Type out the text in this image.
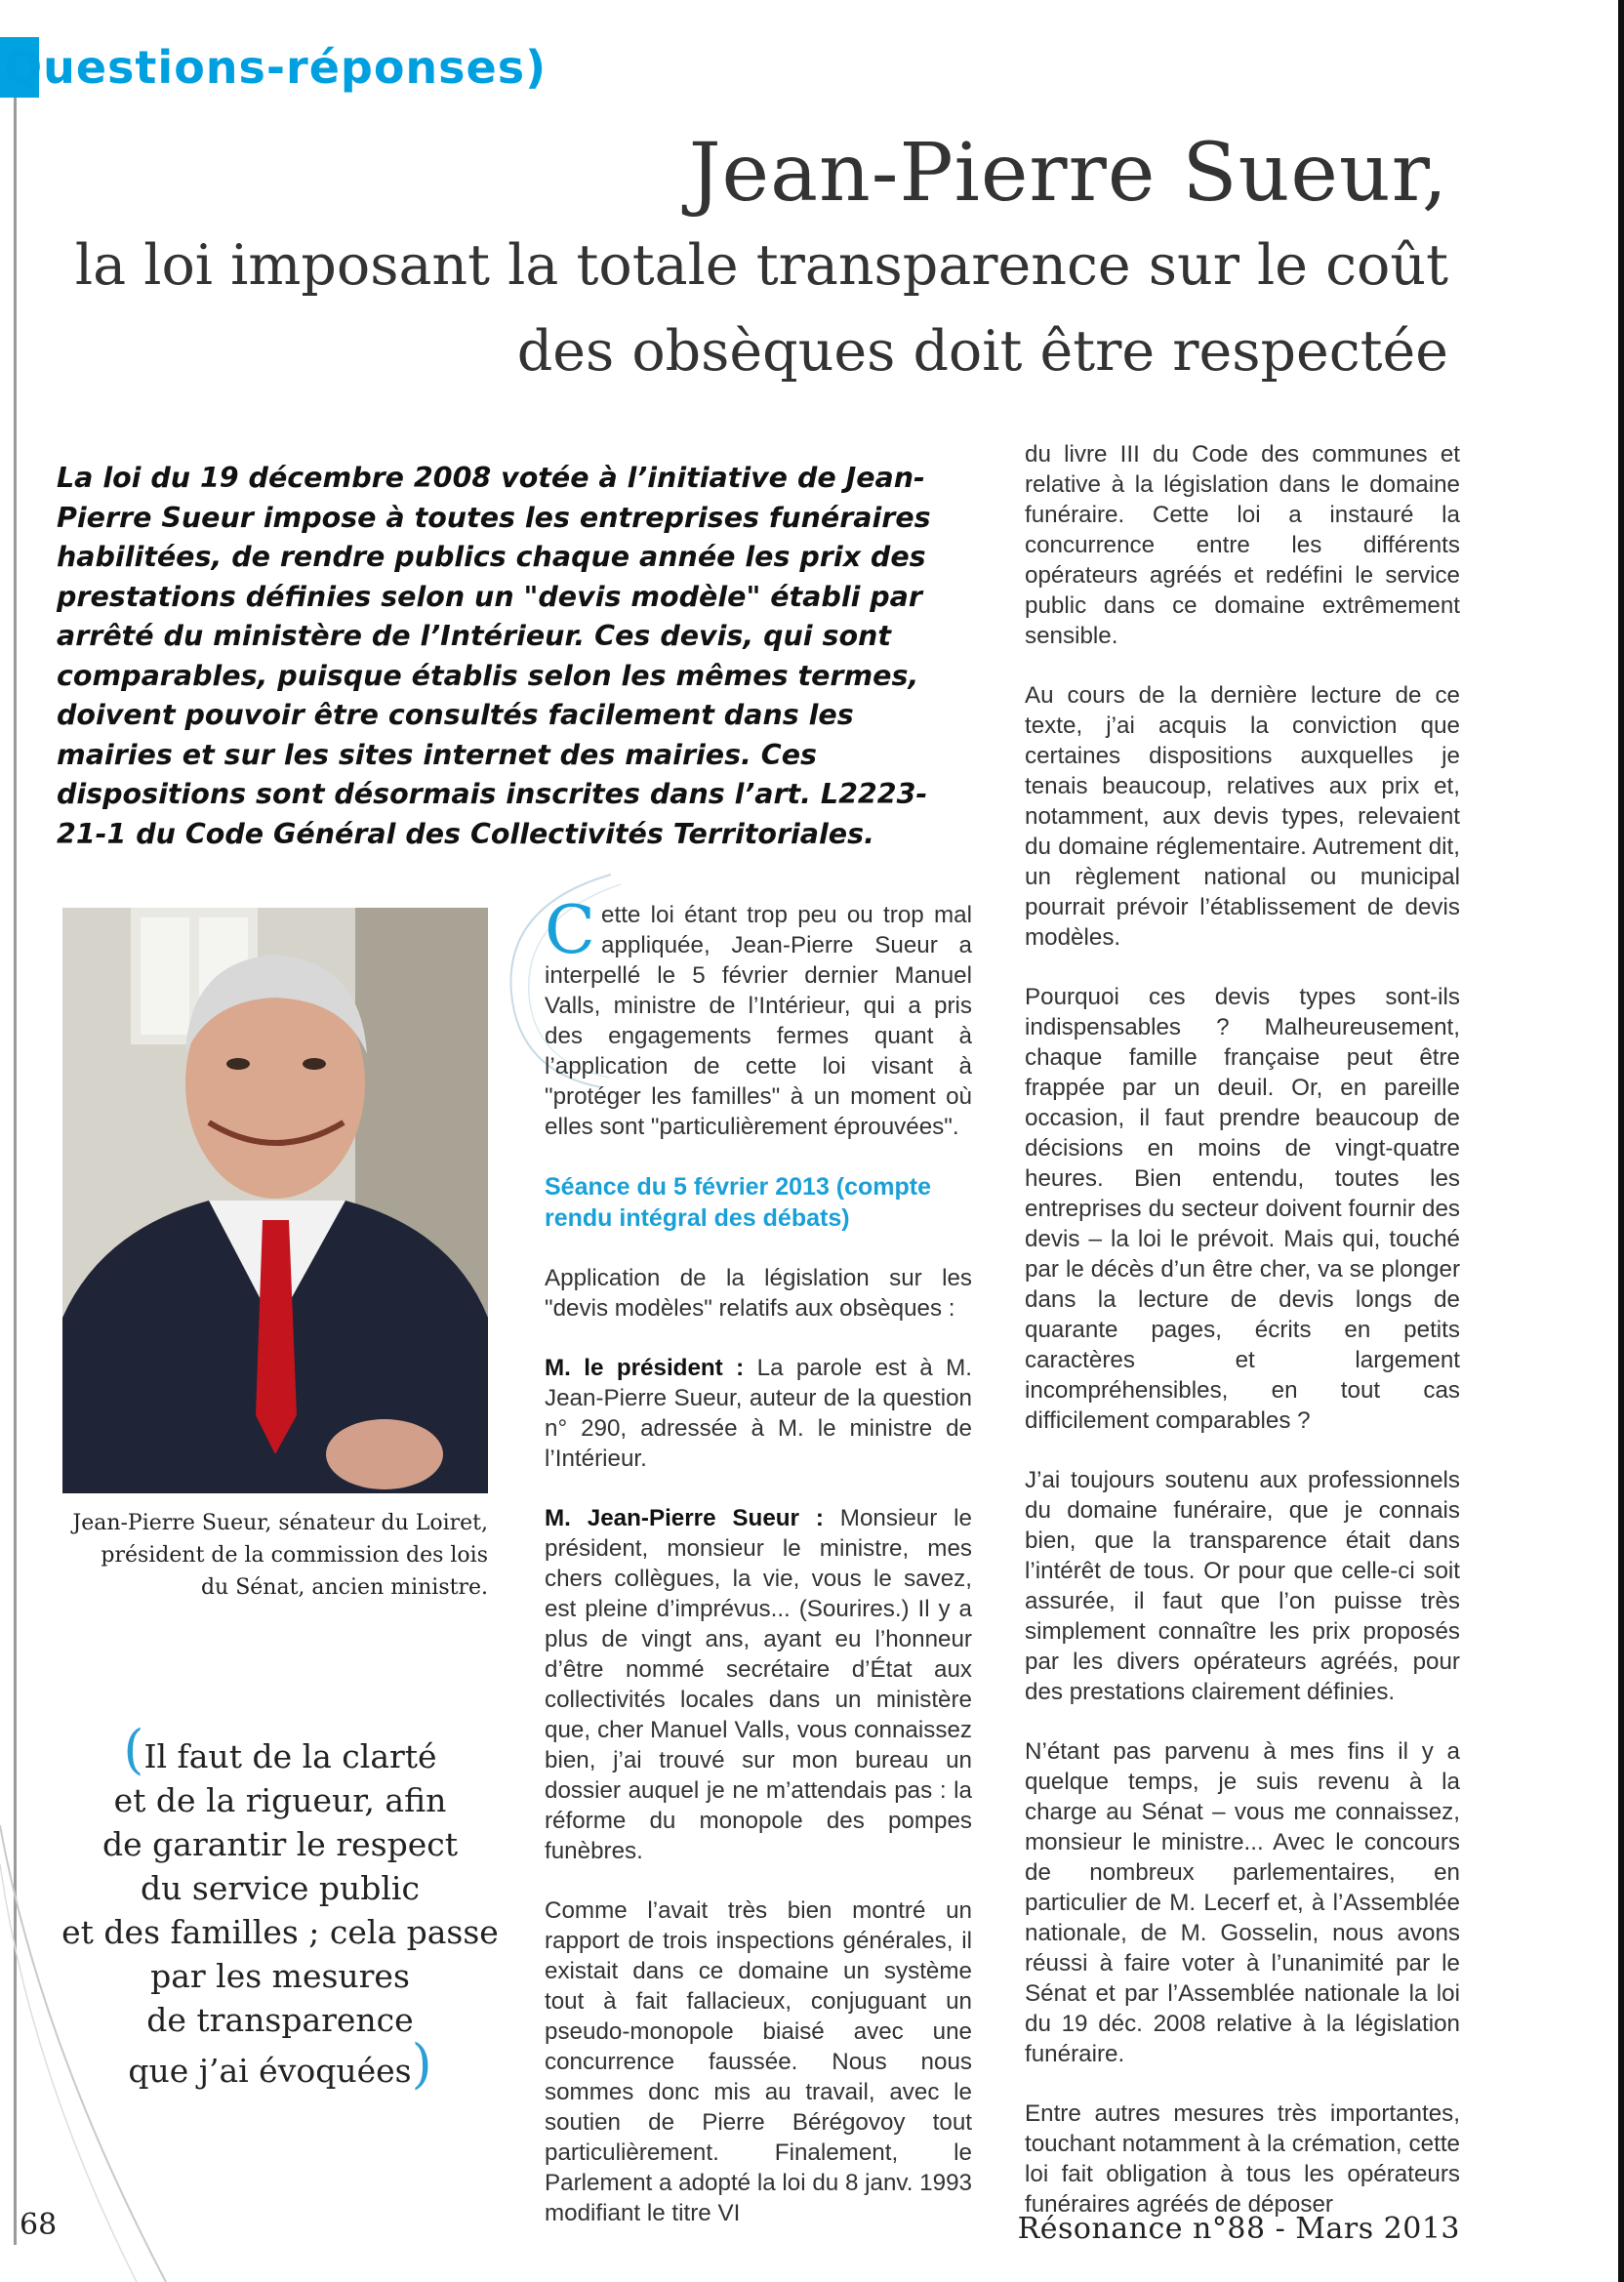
Questions-réponses)
Jean-Pierre Sueur,
la loi imposant la totale transparence sur le coût
des obsèques doit être respectée
La loi du 19 décembre 2008 votée à l’initiative de Jean-Pierre Sueur impose à toutes les entreprises funéraires habilitées, de rendre publics chaque année les prix des prestations définies selon un "devis modèle" établi par arrêté du ministère de l’Intérieur. Ces devis, qui sont comparables, puisque établis selon les mêmes termes, doivent pouvoir être consultés facilement dans les mairies et sur les sites internet des mairies. Ces dispositions sont désormais inscrites dans l’art. L2223-21-1 du Code Général des Collectivités Territoriales.
Jean-Pierre Sueur, sénateur du Loiret,
président de la commission des lois
du Sénat, ancien ministre.
(Il faut de la clarté
et de la rigueur, afin
de garantir le respect
du service public
et des familles ; cela passe
par les mesures
de transparence
que j’ai évoquées)

Cette loi étant trop peu ou trop mal appliquée, Jean-Pierre Sueur a interpellé le 5 février dernier Manuel Valls, ministre de l’Intérieur, qui a pris des engagements fermes quant à l’application de cette loi visant à "protéger les familles" à un moment où elles sont "particulièrement éprouvées".

Séance du 5 février 2013 (compte rendu intégral des débats)

Application de la législation sur les "devis modèles" relatifs aux obsèques :

M. le président : La parole est à M. Jean-Pierre Sueur, auteur de la question n° 290, adressée à M. le ministre de l’Intérieur.

M. Jean-Pierre Sueur : Monsieur le président, monsieur le ministre, mes chers collègues, la vie, vous le savez, est pleine d’imprévus... (Sourires.) Il y a plus de vingt ans, ayant eu l’honneur d’être nommé secrétaire d’État aux collectivités locales dans un ministère que, cher Manuel Valls, vous connaissez bien, j’ai trouvé sur mon bureau un dossier auquel je ne m’attendais pas : la réforme du monopole des pompes funèbres.

Comme l’avait très bien montré un rapport de trois inspections générales, il existait dans ce domaine un système tout à fait fallacieux, conjuguant un pseudo-monopole biaisé avec une concurrence faussée. Nous nous sommes donc mis au travail, avec le soutien de Pierre Bérégovoy tout particulièrement. Finalement, le Parlement a adopté la loi du 8 janv. 1993 modifiant le titre VI

du livre III du Code des communes et relative à la législation dans le domaine funéraire. Cette loi a instauré la concurrence entre les différents opérateurs agréés et redéfini le service public dans ce domaine extrêmement sensible.

Au cours de la dernière lecture de ce texte, j’ai acquis la conviction que certaines dispositions auxquelles je tenais beaucoup, relatives aux prix et, notamment, aux devis types, relevaient du domaine réglementaire. Autrement dit, un règlement national ou municipal pourrait prévoir l’établissement de devis modèles.

Pourquoi ces devis types sont-ils indispensables ? Malheureusement, chaque famille française peut être frappée par un deuil. Or, en pareille occasion, il faut prendre beaucoup de décisions en moins de vingt-quatre heures. Bien entendu, toutes les entreprises du secteur doivent fournir des devis – la loi le prévoit. Mais qui, touché par le décès d’un être cher, va se plonger dans la lecture de devis longs de quarante pages, écrits en petits caractères et largement incompréhensibles, en tout cas difficilement comparables ?

J’ai toujours soutenu aux professionnels du domaine funéraire, que je connais bien, que la transparence était dans l’intérêt de tous. Or pour que celle-ci soit assurée, il faut que l’on puisse très simplement connaître les prix proposés par les divers opérateurs agréés, pour des prestations clairement définies.

N’étant pas parvenu à mes fins il y a quelque temps, je suis revenu à la charge au Sénat – vous me connaissez, monsieur le ministre... Avec le concours de nombreux parlementaires, en particulier de M. Lecerf et, à l’Assemblée nationale, de M. Gosselin, nous avons réussi à faire voter à l’unanimité par le Sénat et par l’Assemblée nationale la loi du 19 déc. 2008 relative à la législation funéraire.

Entre autres mesures très importantes, touchant notamment à la crémation, cette loi fait obligation à tous les opérateurs funéraires agréés de déposer

68	Résonance n°88 - Mars 2013
